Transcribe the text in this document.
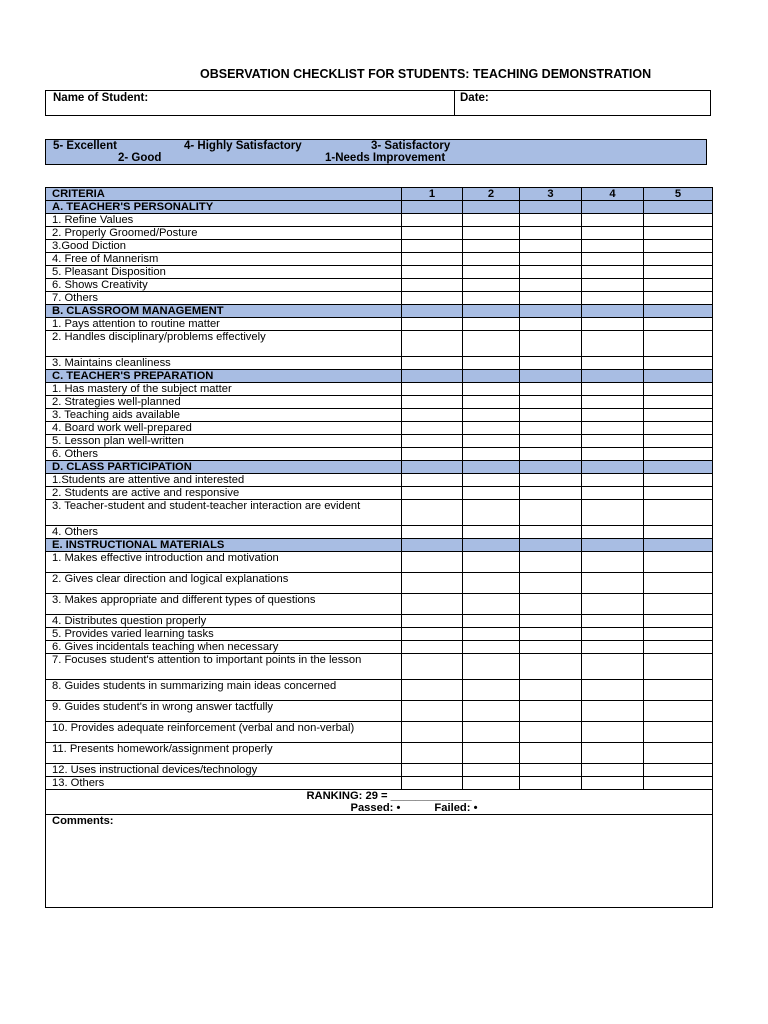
OBSERVATION CHECKLIST FOR STUDENTS: TEACHING DEMONSTRATION
Name of Student:	Date:
5- Excellent	4- Highly Satisfactory	3- Satisfactory
2- Good	1-Needs Improvement
CRITERIA	1	2	3	4	5
A. TEACHER'S PERSONALITY					
1. Refine Values					
2. Properly Groomed/Posture					
3.Good Diction					
4. Free of Mannerism					
5. Pleasant Disposition					
6. Shows Creativity					
7. Others					
B. CLASSROOM MANAGEMENT					
1. Pays attention to routine matter					
2. Handles disciplinary/problems effectively					
3. Maintains cleanliness					
C. TEACHER'S PREPARATION					
1. Has mastery of the subject matter					
2. Strategies well-planned					
3. Teaching aids available					
4. Board work well-prepared					
5. Lesson plan well-written					
6. Others					
D. CLASS PARTICIPATION					
1.Students are attentive and interested					
2. Students are active and responsive					
3. Teacher-student and student-teacher interaction are evident					
4. Others					
E. INSTRUCTIONAL MATERIALS					
1. Makes effective introduction and motivation					
2. Gives clear direction and logical explanations					
3. Makes appropriate and different types of questions					
4. Distributes question properly					
5. Provides varied learning tasks					
6. Gives incidentals teaching when necessary					
7. Focuses student's attention to important points in the lesson					
8. Guides students in summarizing main ideas concerned					
9. Guides student's in wrong answer tactfully					
10. Provides adequate reinforcement (verbal and non-verbal)					
11. Presents homework/assignment properly					
12. Uses instructional devices/technology					
13. Others					

RANKING: 29 = _____________
Passed: • Failed: •					

Comments:					
